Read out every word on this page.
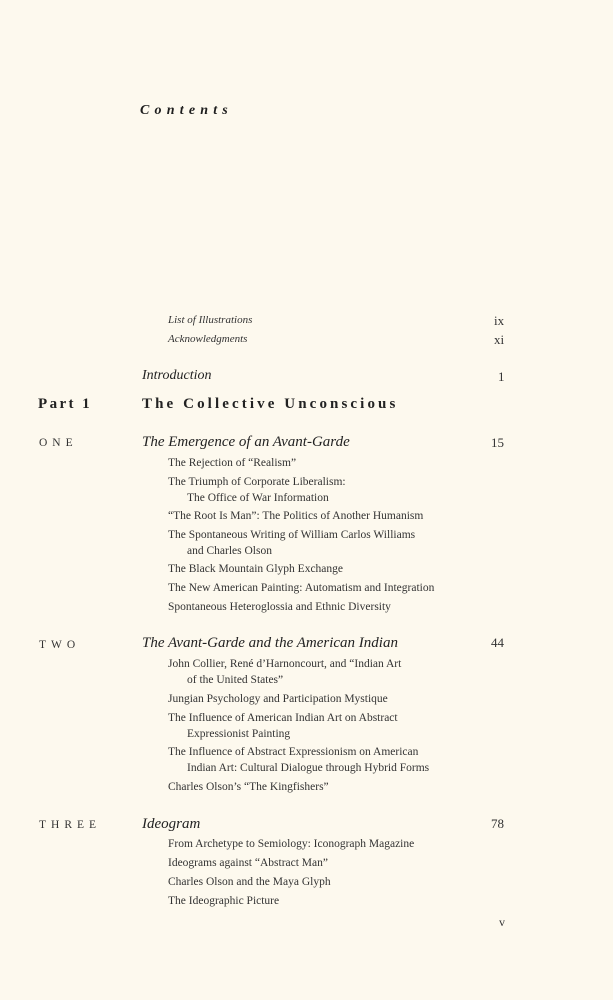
Contents
List of Illustrations	ix
Acknowledgments	xi
Introduction	1
Part 1	The Collective Unconscious
ONE	The Emergence of an Avant-Garde	15
The Rejection of “Realism”
The Triumph of Corporate Liberalism:
The Office of War Information
“The Root Is Man”: The Politics of Another Humanism
The Spontaneous Writing of William Carlos Williams
and Charles Olson
The Black Mountain Glyph Exchange
The New American Painting: Automatism and Integration
Spontaneous Heteroglossia and Ethnic Diversity
TWO	The Avant-Garde and the American Indian	44
John Collier, René d’Harnoncourt, and “Indian Art
of the United States”
Jungian Psychology and Participation Mystique
The Influence of American Indian Art on Abstract
Expressionist Painting
The Influence of Abstract Expressionism on American
Indian Art: Cultural Dialogue through Hybrid Forms
Charles Olson’s “The Kingfishers”
THREE	Ideogram	78
From Archetype to Semiology: Iconograph Magazine
Ideograms against “Abstract Man”
Charles Olson and the Maya Glyph
The Ideographic Picture
v
